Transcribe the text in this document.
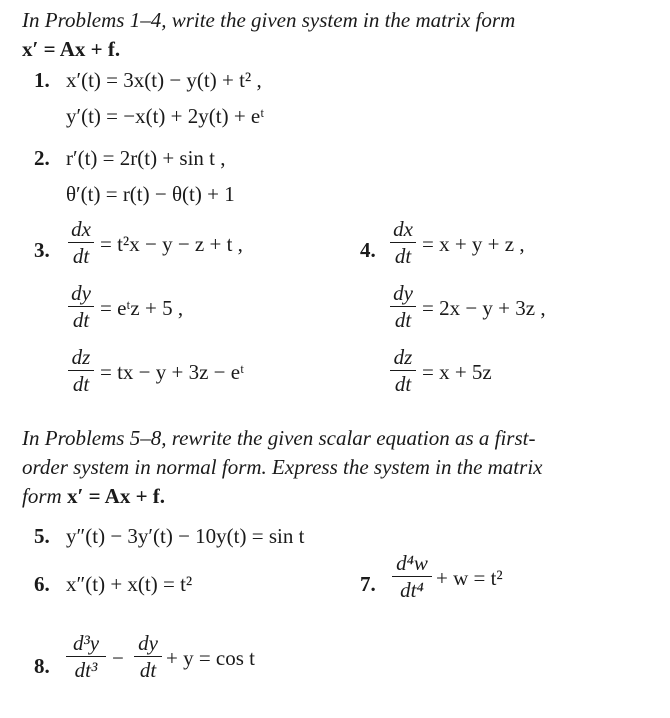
In Problems 1–4, write the given system in the matrix form
x′ = Ax + f.
1. x′(t) = 3x(t) − y(t) + t² ,
y′(t) = −x(t) + 2y(t) + eᵗ
2. r′(t) = 2r(t) + sin t ,
θ′(t) = r(t) − θ(t) + 1
3.
dx
dt = t²x − y − z + t ,
dy
dt = eᵗz + 5 ,
dz
dt = tx − y + 3z − eᵗ
4.
dx
dt = x + y + z ,
dy
dt = 2x − y + 3z ,
dz
dt = x + 5z
In Problems 5–8, rewrite the given scalar equation as a first-
order system in normal form. Express the system in the matrix
form x′ = Ax + f.
5. y″(t) − 3y′(t) − 10y(t) = sin t
6. x″(t) + x(t) = t²	7.
d⁴w
dt⁴ + w = t²
8.
d³y
dt³ −
dy
dt + y = cos t
